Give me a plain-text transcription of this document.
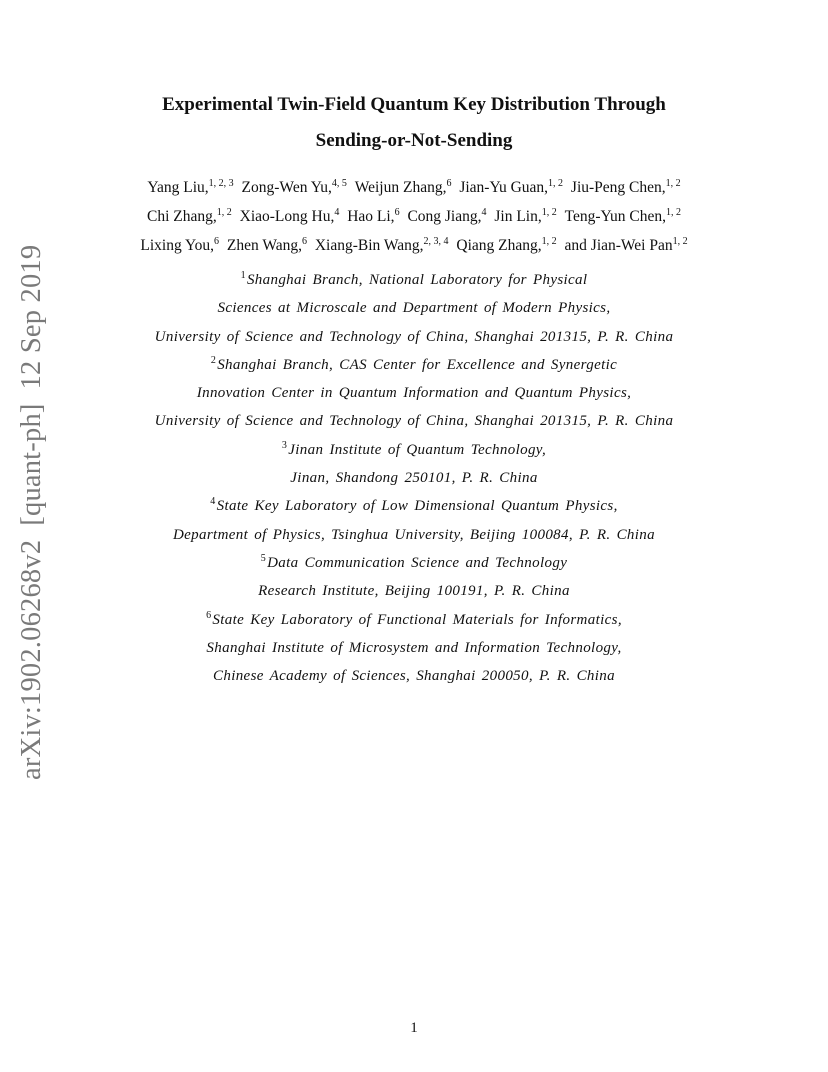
arXiv:1902.06268v2[quant-ph]12 Sep 2019
Experimental Twin-Field Quantum Key Distribution Through
Sending-or-Not-Sending
Yang Liu,$^{1, 2, 3}$ Zong-Wen Yu,$^{4, 5}$ Weijun Zhang,$^6$ Jian-Yu Guan,$^{1, 2}$ Jiu-Peng Chen,$^{1, 2}$
Chi Zhang,$^{1, 2}$ Xiao-Long Hu,$^4$ Hao Li,$^6$ Cong Jiang,$^4$ Jin Lin,$^{1, 2}$ Teng-Yun Chen,$^{1, 2}$
Lixing You,$^6$ Zhen Wang,$^6$ Xiang-Bin Wang,$^{2, 3, 4}$ Qiang Zhang,$^{1, 2}$ and Jian-Wei Pan$^{1, 2}$
$^1$Shanghai Branch, National Laboratory for Physical
Sciences at Microscale and Department of Modern Physics,
University of Science and Technology of China, Shanghai 201315, P. R. China
$^2$Shanghai Branch, CAS Center for Excellence and Synergetic
Innovation Center in Quantum Information and Quantum Physics,
University of Science and Technology of China, Shanghai 201315, P. R. China
$^3$Jinan Institute of Quantum Technology,
Jinan, Shandong 250101, P. R. China
$^4$State Key Laboratory of Low Dimensional Quantum Physics,
Department of Physics, Tsinghua University, Beijing 100084, P. R. China
$^5$Data Communication Science and Technology
Research Institute, Beijing 100191, P. R. China
$^6$State Key Laboratory of Functional Materials for Informatics,
Shanghai Institute of Microsystem and Information Technology,
Chinese Academy of Sciences, Shanghai 200050, P. R. China
1
